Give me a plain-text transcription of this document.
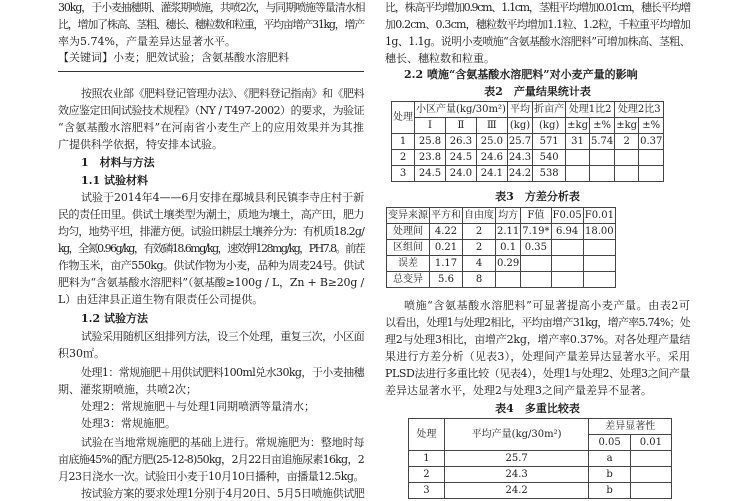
表2　产量结果统计表
处理	小区产量(kg/30m²)			平均	折亩产	处理1比2		处理2比3	
	Ⅰ	Ⅱ	Ⅲ	(kg)	(kg)	±kg	±%	±kg	±%
1	25.8	26.3	25.0	25.7	571	31	5.74	2	0.37
2	23.8	24.5	24.6	24.3	540				
3	24.5	24.0	24.1	24.2	538				
表3　方差分析表
变异来源	平方和	自由度	均方	F值	F0.05	F0.01
处理间	4.22	2	2.11	7.19*	6.94	18.00
区组间	0.21	2	0.1	0.35		
误差	1.17	4	0.29			
总变异	5.6	8				
表4　多重比较表
处理	平均产量(kg/30m²)	差异显著性	
		0.05	0.01
1	25.7	a	
2	24.3	b	
3	24.2	b	
30kg，于小麦抽穗期、灌浆期喷施，共喷2次，与同期喷施等量清水相
比，增加了株高、茎粗、穗长、穗粒数和粒重，平均亩增产31kg，增产
率为5.74%，产量差异达显著水平。
【关键词】小麦；肥效试验；含氨基酸水溶肥料
按照农业部《肥料登记管理办法》、《肥料登记指南》和《肥料
效应鉴定田间试验技术规程》（NY / T497-2002）的要求，为验证
“含氨基酸水溶肥料”在河南省小麦生产上的应用效果并为其推
广提供科学依据，特安排本试验。
1　材料与方法
1.1 试验材料
试验于2014年4——6月安排在鄢城县利民镇李寺庄村于新
民的责任田里。供试土壤类型为潮土，质地为壤土，高产田，肥力
均匀，地势平坦，排灌方便。试验田耕层土壤养分为：有机质18.2g/
kg，全氮0.96g/kg，有效磷18.6mg/kg，速效钾128mg/kg，PH7.8。前茬
作物玉米，亩产550kg。供试作物为小麦，品种为周麦24号。供试
肥料为“含氨基酸水溶肥料”（氨基酸≥100g / L，Zn + B≥20g /
L）由廷津县正道生物有限责任公司提供。
1.2 试验方法
试验采用随机区组排列方法，设三个处理，重复三次，小区面
积30㎡。
处理1：常规施肥＋用供试肥料100ml兑水30kg，于小麦抽穗
期、灌浆期喷施，共喷2次；
处理2：常规施肥＋与处理1同期喷洒等量清水；
处理3：常规施肥。
试验在当地常规施肥的基础上进行。常规施肥为：整地时每
亩底施45%的配方肥(25-12-8)50kg，2月22日亩追施尿素16kg，2
月23日浇水一次。试验田小麦于10月10日播种，亩播量12.5kg。
按试验方案的要求处理1分别于4月20日、5月5日喷施供试肥
比，株高平均增加0.9cm、1.1cm，茎粗平均增加0.01cm，穗长平均增
加0.2cm、0.3cm，穗粒数平均增加1.1粒、1.2粒，千粒重平均增加
1g、1.1g。说明小麦喷施“含氨基酸水溶肥料”可增加株高、茎粗、
穗长、穗粒数和粒重。
2.2 喷施“含氨基酸水溶肥料”对小麦产量的影响
喷施“含氨基酸水溶肥料”可显著提高小麦产量。由表2可
以看出，处理1与处理2相比，平均亩增产31kg，增产率5.74%；处
理2与处理3相比，亩增产2kg，增产率0.37%。对各处理产量结
果进行方差分析（见表3），处理间产量差异达显著水平。采用
PLSD法进行多重比较（见表4），处理1与处理2、处理3之间产量
差异达显著水平，处理2与处理3之间产量差异不显著。
